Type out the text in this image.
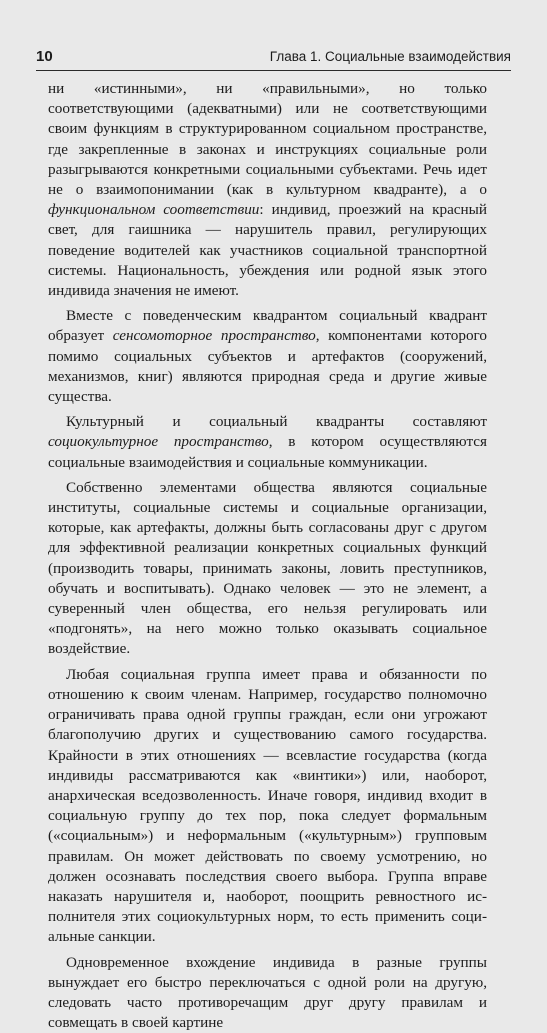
10	Глава 1. Социальные взаимодействия

ни «истинными», ни «правильными», но только соответствующими (адекватными) или не соответствующими своим функциям в структурированном социальном пространстве, где закрепленные в законах и инструкциях социальные роли разыгрываются конкретными социальными субъектами. Речь идет не о взаимопонимании (как в культурном квадранте), а о функциональном соответствии: индивид, проезжий на красный свет, для гаишника — нарушитель правил, регулирующих поведение водителей как участников социальной транспортной системы. Национальность, убеждения или родной язык этого индивида значения не имеют.

Вместе с поведенческим квадрантом социальный квадрант образует сенсомоторное пространство, компонентами которого помимо социальных субъектов и артефактов (сооружений, механизмов, книг) являются природная среда и другие живые существа.

Культурный и социальный квадранты составляют социокультурное пространство, в котором осуществляются социальные взаимодействия и социальные коммуникации.

Собственно элементами общества являются социальные институты, социальные системы и социальные организации, которые, как артефакты, должны быть согласованы друг с другом для эффективной реализации конкретных социальных функций (производить товары, принимать законы, ловить преступников, обучать и воспитывать). Однако человек — это не элемент, а суверенный член общества, его нельзя регулировать или «подгонять», на него можно только оказывать социальное воздействие.

Любая социальная группа имеет права и обязанности по отношению к своим членам. Например, государство полномочно ограничивать права одной группы граждан, если они угрожают благополучию других и существованию самого государства. Крайности в этих отношениях — всевластие государства (когда индивиды рассматриваются как «винтики») или, наоборот, анархическая вседозволенность. Иначе говоря, индивид входит в социальную группу до тех пор, пока следует формальным («социальным») и неформальным («культурным») групповым правилам. Он может действовать по своему усмотрению, но должен осознавать последствия своего выбора. Группа вправе наказать нарушителя и, наоборот, поощрить ревностного исполнителя этих социокультурных норм, то есть применить социальные санкции.

Одновременное вхождение индивида в разные группы вынуждает его быстро переключаться с одной роли на другую, следовать часто противоречащим друг другу правилам и совмещать в своей картине
